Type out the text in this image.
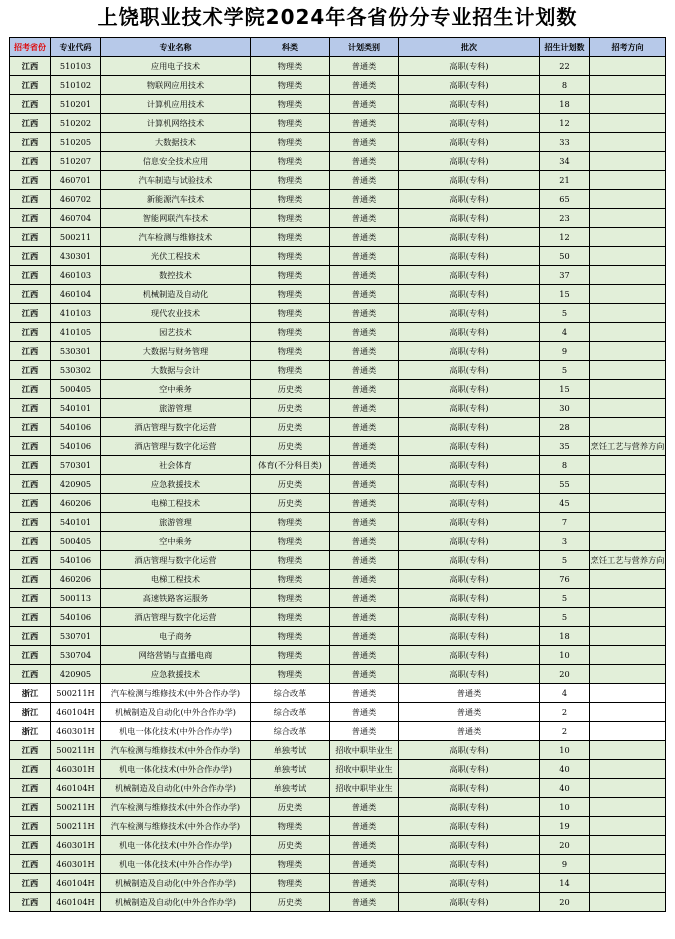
上饶职业技术学院2024年各省份分专业招生计划数
招考省份	专业代码	专业名称	科类	计划类别	批次	招生计划数	招考方向
江西	510103	应用电子技术	物理类	普通类	高职(专科)	22	
江西	510102	物联网应用技术	物理类	普通类	高职(专科)	8	
江西	510201	计算机应用技术	物理类	普通类	高职(专科)	18	
江西	510202	计算机网络技术	物理类	普通类	高职(专科)	12	
江西	510205	大数据技术	物理类	普通类	高职(专科)	33	
江西	510207	信息安全技术应用	物理类	普通类	高职(专科)	34	
江西	460701	汽车制造与试验技术	物理类	普通类	高职(专科)	21	
江西	460702	新能源汽车技术	物理类	普通类	高职(专科)	65	
江西	460704	智能网联汽车技术	物理类	普通类	高职(专科)	23	
江西	500211	汽车检测与维修技术	物理类	普通类	高职(专科)	12	
江西	430301	光伏工程技术	物理类	普通类	高职(专科)	50	
江西	460103	数控技术	物理类	普通类	高职(专科)	37	
江西	460104	机械制造及自动化	物理类	普通类	高职(专科)	15	
江西	410103	现代农业技术	物理类	普通类	高职(专科)	5	
江西	410105	园艺技术	物理类	普通类	高职(专科)	4	
江西	530301	大数据与财务管理	物理类	普通类	高职(专科)	9	
江西	530302	大数据与会计	物理类	普通类	高职(专科)	5	
江西	500405	空中乘务	历史类	普通类	高职(专科)	15	
江西	540101	旅游管理	历史类	普通类	高职(专科)	30	
江西	540106	酒店管理与数字化运营	历史类	普通类	高职(专科)	28	
江西	540106	酒店管理与数字化运营	历史类	普通类	高职(专科)	35	烹饪工艺与营养方向
江西	570301	社会体育	体育(不分科目类)	普通类	高职(专科)	8	
江西	420905	应急救援技术	历史类	普通类	高职(专科)	55	
江西	460206	电梯工程技术	历史类	普通类	高职(专科)	45	
江西	540101	旅游管理	物理类	普通类	高职(专科)	7	
江西	500405	空中乘务	物理类	普通类	高职(专科)	3	
江西	540106	酒店管理与数字化运营	物理类	普通类	高职(专科)	5	烹饪工艺与营养方向
江西	460206	电梯工程技术	物理类	普通类	高职(专科)	76	
江西	500113	高速铁路客运服务	物理类	普通类	高职(专科)	5	
江西	540106	酒店管理与数字化运营	物理类	普通类	高职(专科)	5	
江西	530701	电子商务	物理类	普通类	高职(专科)	18	
江西	530704	网络营销与直播电商	物理类	普通类	高职(专科)	10	
江西	420905	应急救援技术	物理类	普通类	高职(专科)	20	
浙江	500211H	汽车检测与维修技术(中外合作办学)	综合改革	普通类	普通类	4	
浙江	460104H	机械制造及自动化(中外合作办学)	综合改革	普通类	普通类	2	
浙江	460301H	机电一体化技术(中外合作办学)	综合改革	普通类	普通类	2	
江西	500211H	汽车检测与维修技术(中外合作办学)	单独考试	招收中职毕业生	高职(专科)	10	
江西	460301H	机电一体化技术(中外合作办学)	单独考试	招收中职毕业生	高职(专科)	40	
江西	460104H	机械制造及自动化(中外合作办学)	单独考试	招收中职毕业生	高职(专科)	40	
江西	500211H	汽车检测与维修技术(中外合作办学)	历史类	普通类	高职(专科)	10	
江西	500211H	汽车检测与维修技术(中外合作办学)	物理类	普通类	高职(专科)	19	
江西	460301H	机电一体化技术(中外合作办学)	历史类	普通类	高职(专科)	20	
江西	460301H	机电一体化技术(中外合作办学)	物理类	普通类	高职(专科)	9	
江西	460104H	机械制造及自动化(中外合作办学)	物理类	普通类	高职(专科)	14	
江西	460104H	机械制造及自动化(中外合作办学)	历史类	普通类	高职(专科)	20	
